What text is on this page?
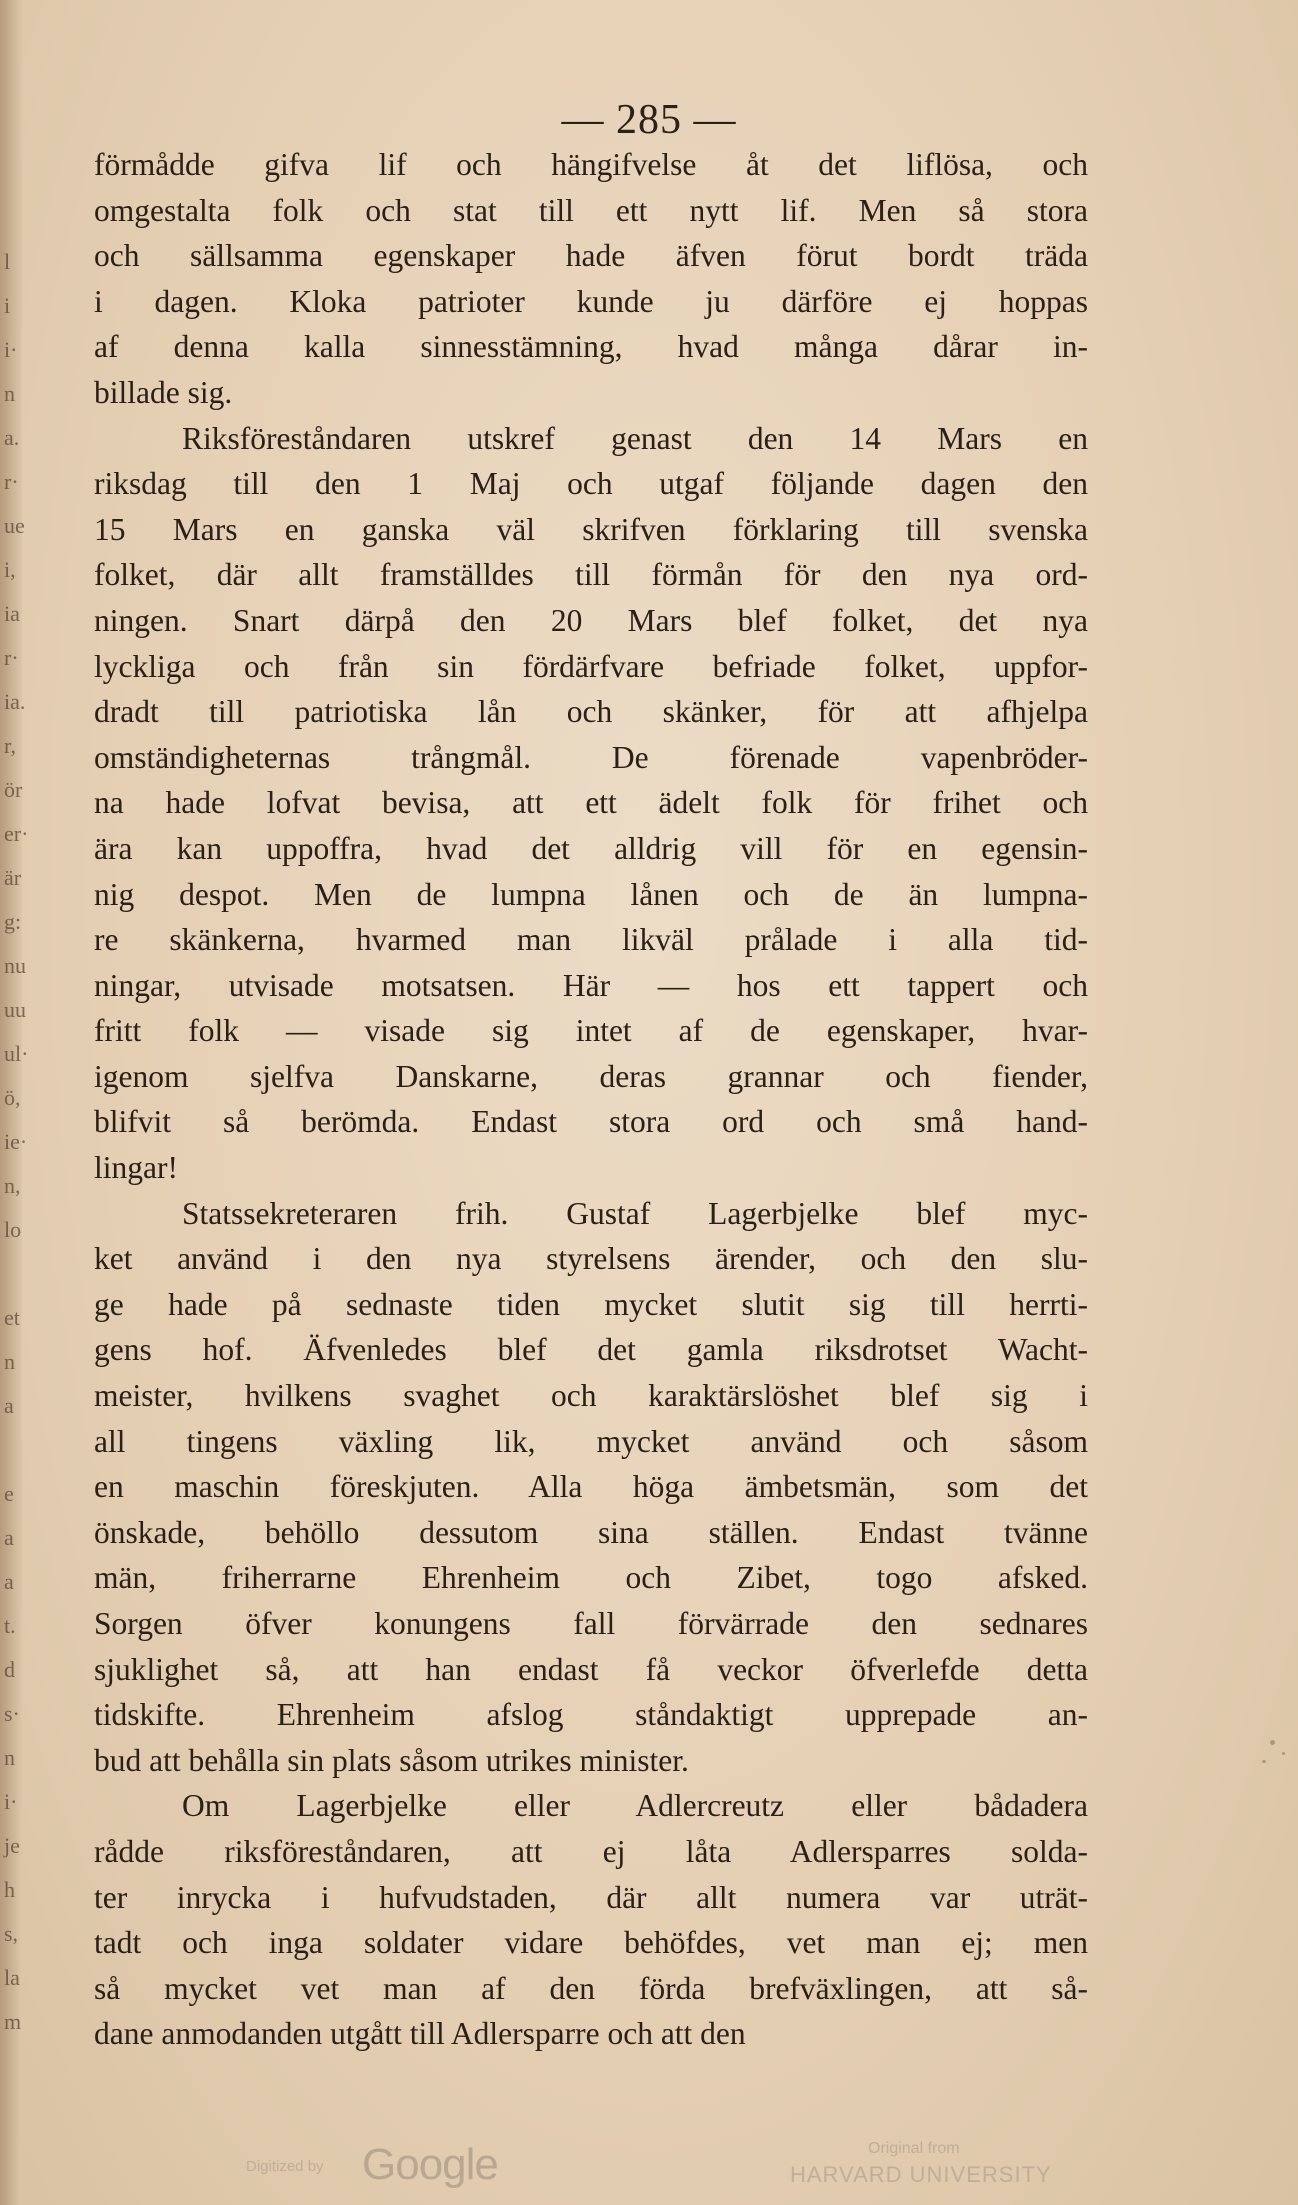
l
i
i·
n
a.
r·
ue
i,
ia
r·
ia.
r,
ör
er·
är
g:
nu
uu
ul·
ö,
ie·
n,
lo
et
n
a
e
a
a
t.
d
s·
n
i·
je
h
s,
la
m
— 285 —
förmådde gifva lif och hängifvelse åt det liflösa, och
omgestalta folk och stat till ett nytt lif. Men så stora
och sällsamma egenskaper hade äfven förut bordt träda
i dagen. Kloka patrioter kunde ju därföre ej hoppas
af denna kalla sinnesstämning, hvad många dårar in-
billade sig.
Riksföreståndaren utskref genast den 14 Mars en
riksdag till den 1 Maj och utgaf följande dagen den
15 Mars en ganska väl skrifven förklaring till svenska
folket, där allt framställdes till förmån för den nya ord-
ningen. Snart därpå den 20 Mars blef folket, det nya
lyckliga och från sin fördärfvare befriade folket, uppfor-
dradt till patriotiska lån och skänker, för att afhjelpa
omständigheternas trångmål. De förenade vapenbröder-
na hade lofvat bevisa, att ett ädelt folk för frihet och
ära kan uppoffra, hvad det alldrig vill för en egensin-
nig despot. Men de lumpna lånen och de än lumpna-
re skänkerna, hvarmed man likväl prålade i alla tid-
ningar, utvisade motsatsen. Här — hos ett tappert och
fritt folk — visade sig intet af de egenskaper, hvar-
igenom sjelfva Danskarne, deras grannar och fiender,
blifvit så berömda. Endast stora ord och små hand-
lingar!
Statssekreteraren frih. Gustaf Lagerbjelke blef myc-
ket använd i den nya styrelsens ärender, och den slu-
ge hade på sednaste tiden mycket slutit sig till herrti-
gens hof. Äfvenledes blef det gamla riksdrotset Wacht-
meister, hvilkens svaghet och karaktärslöshet blef sig i
all tingens växling lik, mycket använd och såsom
en maschin föreskjuten. Alla höga ämbetsmän, som det
önskade, behöllo dessutom sina ställen. Endast tvänne
män, friherrarne Ehrenheim och Zibet, togo afsked.
Sorgen öfver konungens fall förvärrade den sednares
sjuklighet så, att han endast få veckor öfverlefde detta
tidskifte. Ehrenheim afslog ståndaktigt upprepade an-
bud att behålla sin plats såsom utrikes minister.
Om Lagerbjelke eller Adlercreutz eller bådadera
rådde riksföreståndaren, att ej låta Adlersparres solda-
ter inrycka i hufvudstaden, där allt numera var uträt-
tadt och inga soldater vidare behöfdes, vet man ej; men
så mycket vet man af den förda brefväxlingen, att så-
dane anmodanden utgått till Adlersparre och att den
Digitized by Google	Original from
HARVARD UNIVERSITY
